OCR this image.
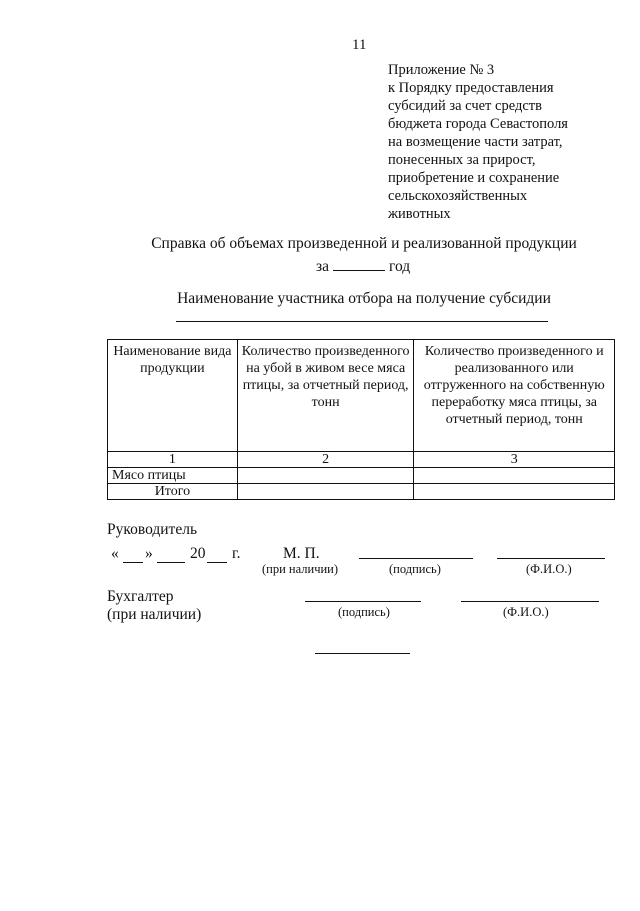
11
Приложение № 3
к Порядку предоставления
субсидий за счет средств
бюджета города Севастополя
на возмещение части затрат,
понесенных за прирост,
приобретение и сохранение
сельскохозяйственных
животных
Справка об объемах произведенной и реализованной продукции
за	год
Наименование участника отбора на получение субсидии
Наименование вида продукции	Количество произведенного на убой в живом весе мяса птицы, за отчетный период, тонн	Количество произведенного и реализованного или отгруженного на собственную переработку мяса птицы, за отчетный период, тонн
1	2	3
Мясо птицы		
Итого		
Руководитель
« » 20 г.	М. П.
(при наличии)	(подпись)	(Ф.И.О.)
Бухгалтер
(при наличии)	(подпись)	(Ф.И.О.)
